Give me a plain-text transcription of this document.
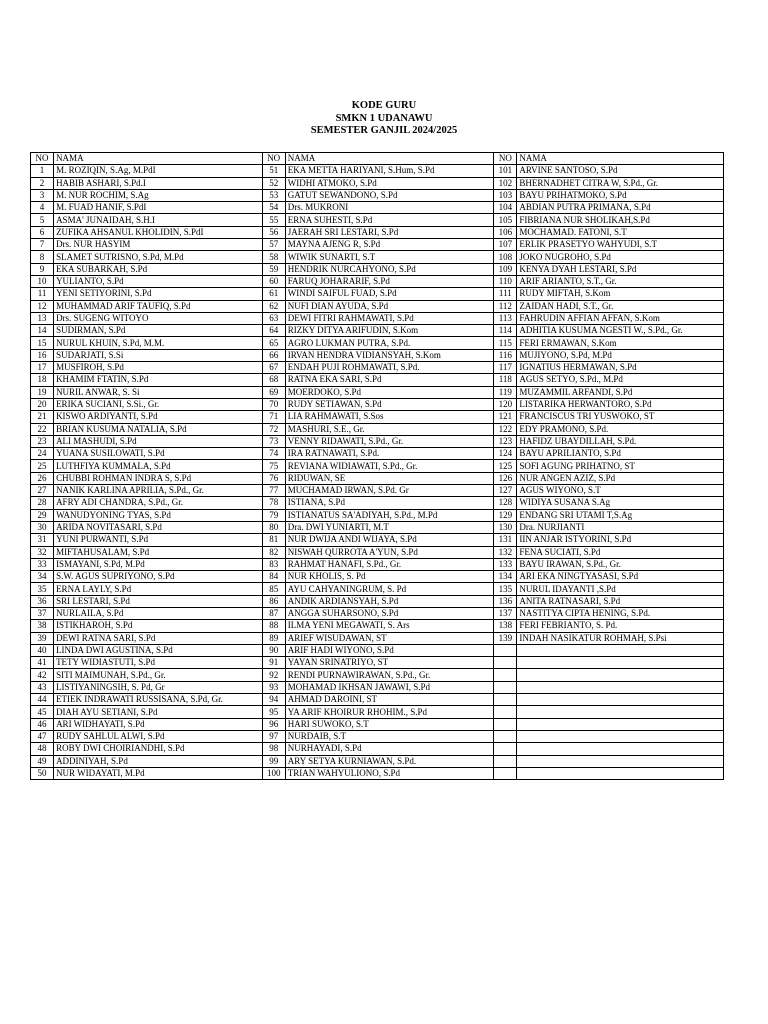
KODE GURU
SMKN 1 UDANAWU
SEMESTER GANJIL 2024/2025
NO	NAMA	NO	NAMA	NO	NAMA
1	M. ROZIQIN, S.Ag, M.PdI	51	EKA METTA HARIYANI, S.Hum, S.Pd	101	ARVINE SANTOSO, S.Pd
2	HABIB ASHARI, S.Pd.I	52	WIDHI ATMOKO, S.Pd	102	BHERNADHET CITRA W, S.Pd., Gr.
3	M. NUR ROCHIM, S.Ag	53	GATUT SEWANDONO, S.Pd	103	BAYU PRIHATMOKO, S.Pd
4	M. FUAD HANIF, S.PdI	54	Drs. MUKRONI	104	ABDIAN PUTRA PRIMANA, S.Pd
5	ASMA' JUNAIDAH, S.H.I	55	ERNA SUHESTI, S.Pd	105	FIBRIANA NUR SHOLIKAH,S.Pd
6	ZUFIKA AHSANUL KHOLIDIN, S.PdI	56	JAERAH SRI LESTARI, S.Pd	106	MOCHAMAD. FATONI, S.T
7	Drs. NUR HASYIM	57	MAYNA AJENG R, S.Pd	107	ERLIK PRASETYO WAHYUDI, S.T
8	SLAMET SUTRISNO, S.Pd, M.Pd	58	WIWIK SUNARTI, S.T	108	JOKO NUGROHO, S.Pd
9	EKA SUBARKAH, S.Pd	59	HENDRIK NURCAHYONO, S.Pd	109	KENYA DYAH LESTARI, S.Pd
10	YULIANTO, S.Pd	60	FARUQ JOHARARIF, S.Pd	110	ARIF ARIANTO, S.T., Gr.
11	YENI SETIYORINI, S.Pd	61	WINDI SAIFUL FUAD, S.Pd	111	RUDY MIFTAH, S.Kom
12	MUHAMMAD ARIF TAUFIQ, S.Pd	62	NUFI DIAN AYUDA, S.Pd	112	ZAIDAN HADI, S.T., Gr.
13	Drs. SUGENG WITOYO	63	DEWI FITRI RAHMAWATI, S.Pd	113	FAHRUDIN AFFIAN AFFAN, S.Kom
14	SUDIRMAN, S.Pd	64	RIZKY DITYA ARIFUDIN, S.Kom	114	ADHITIA KUSUMA NGESTI W., S.Pd., Gr.
15	NURUL KHUIN, S.Pd, M.M.	65	AGRO LUKMAN PUTRA, S.Pd.	115	FERI ERMAWAN, S.Kom
16	SUDARJATI, S.Si	66	IRVAN HENDRA VIDIANSYAH, S.Kom	116	MUJIYONO, S.Pd, M.Pd
17	MUSFIROH, S.Pd	67	ENDAH PUJI ROHMAWATI, S.Pd.	117	IGNATIUS HERMAWAN, S.Pd
18	KHAMIM FTATIN, S.Pd	68	RATNA EKA SARI, S.Pd	118	AGUS SETYO, S.Pd., M.Pd
19	NURIL ANWAR, S. Si	69	MOERDOKO, S.Pd	119	MUZAMMIL ARFANDI, S.Pd
20	ERIKA SUCIANI, S.Si., Gr.	70	RUDY SETIAWAN, S.Pd	120	LISTARIKA HERWANTORO, S.Pd
21	KISWO ARDIYANTI, S.Pd	71	LIA RAHMAWATI, S.Sos	121	FRANCISCUS TRI YUSWOKO, ST
22	BRIAN KUSUMA NATALIA, S.Pd	72	MASHURI, S.E., Gr.	122	EDY PRAMONO, S.Pd.
23	ALI MASHUDI, S.Pd	73	VENNY RIDAWATI, S.Pd., Gr.	123	HAFIDZ UBAYDILLAH, S.Pd.
24	YUANA SUSILOWATI, S.Pd	74	IRA RATNAWATI, S.Pd.	124	BAYU APRILIANTO, S.Pd
25	LUTHFIYA KUMMALA, S.Pd	75	REVIANA WIDIAWATI, S.Pd., Gr.	125	SOFI AGUNG PRIHATNO, ST
26	CHUBBI ROHMAN INDRA S, S.Pd	76	RIDUWAN, SE	126	NUR ANGEN AZIZ, S.Pd
27	NANIK KARLINA APRILIA, S.Pd., Gr.	77	MUCHAMAD IRWAN, S.Pd. Gr	127	AGUS WIYONO, S.T
28	AFRY ADI CHANDRA, S.Pd., Gr.	78	ISTIANA, S.Pd	128	WIDIYA SUSANA S.Ag
29	WANUDYONING TYAS, S.Pd	79	ISTIANATUS SA'ADIYAH, S.Pd., M.Pd	129	ENDANG SRI UTAMI T,S.Ag
30	ARIDA NOVITASARI, S.Pd	80	Dra. DWI YUNIARTI, M.T	130	Dra. NURJIANTI
31	YUNI PURWANTI, S.Pd	81	NUR DWIJA ANDI WIJAYA, S.Pd	131	IIN ANJAR ISTYORINI, S.Pd
32	MIFTAHUSALAM, S.Pd	82	NISWAH QURROTA A'YUN, S.Pd	132	FENA SUCIATI, S.Pd
33	ISMAYANI, S.Pd, M.Pd	83	RAHMAT HANAFI, S.Pd., Gr.	133	BAYU IRAWAN, S.Pd., Gr.
34	S.W. AGUS SUPRIYONO, S.Pd	84	NUR KHOLIS, S. Pd	134	ARI EKA NINGTYASASI, S.Pd
35	ERNA LAYLY, S.Pd	85	AYU CAHYANINGRUM, S. Pd	135	NURUL IDAYANTI ,S.Pd
36	SRI LESTARI, S.Pd	86	ANDIK ARDIANSYAH, S.Pd	136	ANITA RATNASARI, S.Pd
37	NURLAILA, S.Pd	87	ANGGA SUHARSONO, S.Pd	137	NASTITYA CIPTA HENING, S.Pd.
38	ISTIKHAROH, S.Pd	88	ILMA YENI MEGAWATI, S. Ars	138	FERI FEBRIANTO, S. Pd.
39	DEWI RATNA SARI, S.Pd	89	ARIEF WISUDAWAN, ST	139	INDAH NASIKATUR ROHMAH, S.Psi
40	LINDA DWI AGUSTINA, S.Pd	90	ARIF HADI WIYONO, S.Pd		
41	TETY WIDIASTUTI, S.Pd	91	YAYAN SRINATRIYO, ST		
42	SITI MAIMUNAH, S.Pd., Gr.	92	RENDI PURNAWIRAWAN, S.Pd., Gr.		
43	LISTIYANINGSIH, S. Pd, Gr	93	MOHAMAD IKHSAN JAWAWI, S.Pd		
44	ETIEK INDRAWATI RUSSISANA, S.Pd, Gr.	94	AHMAD DAROINI, ST		
45	DIAH AYU SETIANI, S.Pd	95	YA ARIF KHOIRUR RHOHIM., S.Pd		
46	ARI WIDHAYATI, S.Pd	96	HARI SUWOKO, S.T		
47	RUDY SAHLUL ALWI, S.Pd	97	NURDAIB, S.T		
48	ROBY DWI CHOIRIANDHI, S.Pd	98	NURHAYADI, S.Pd		
49	ADDINIYAH, S.Pd	99	ARY SETYA KURNIAWAN, S.Pd.		
50	NUR WIDAYATI, M.Pd	100	TRIAN WAHYULIONO, S.Pd		
